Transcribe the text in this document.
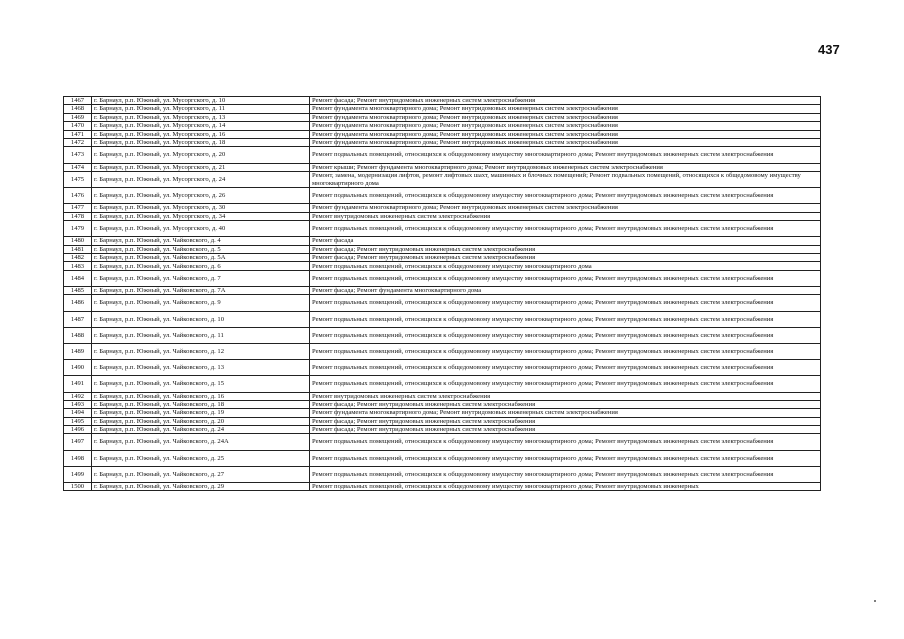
437
1467	г. Барнаул, р.п. Южный, ул. Мусоргского, д. 10	Ремонт фасада; Ремонт внутридомовых инженерных систем электроснабжения
1468	г. Барнаул, р.п. Южный, ул. Мусоргского, д. 11	Ремонт фундамента многоквартирного дома; Ремонт внутридомовых инженерных систем электроснабжения
1469	г. Барнаул, р.п. Южный, ул. Мусоргского, д. 13	Ремонт фундамента многоквартирного дома; Ремонт внутридомовых инженерных систем электроснабжения
1470	г. Барнаул, р.п. Южный, ул. Мусоргского, д. 14	Ремонт фундамента многоквартирного дома; Ремонт внутридомовых инженерных систем электроснабжения
1471	г. Барнаул, р.п. Южный, ул. Мусоргского, д. 16	Ремонт фундамента многоквартирного дома; Ремонт внутридомовых инженерных систем электроснабжения
1472	г. Барнаул, р.п. Южный, ул. Мусоргского, д. 18	Ремонт фундамента многоквартирного дома; Ремонт внутридомовых инженерных систем электроснабжения
1473	г. Барнаул, р.п. Южный, ул. Мусоргского, д. 20	Ремонт подвальных помещений, относящихся к общедомовому имуществу многоквартирного дома; Ремонт внутридомовых инженерных систем электроснабжения
1474	г. Барнаул, р.п. Южный, ул. Мусоргского, д. 21	Ремонт крыши; Ремонт фундамента многоквартирного дома; Ремонт внутридомовых инженерных систем электроснабжения
1475	г. Барнаул, р.п. Южный, ул. Мусоргского, д. 24	Ремонт, замена, модернизация лифтов, ремонт лифтовых шахт, машинных и блочных помещений; Ремонт подвальных помещений, относящихся к общедомовому имуществу многоквартирного дома
1476	г. Барнаул, р.п. Южный, ул. Мусоргского, д. 26	Ремонт подвальных помещений, относящихся к общедомовому имуществу многоквартирного дома; Ремонт внутридомовых инженерных систем электроснабжения
1477	г. Барнаул, р.п. Южный, ул. Мусоргского, д. 30	Ремонт фундамента многоквартирного дома; Ремонт внутридомовых инженерных систем электроснабжения
1478	г. Барнаул, р.п. Южный, ул. Мусоргского, д. 34	Ремонт внутридомовых инженерных систем электроснабжения
1479	г. Барнаул, р.п. Южный, ул. Мусоргского, д. 40	Ремонт подвальных помещений, относящихся к общедомовому имуществу многоквартирного дома; Ремонт внутридомовых инженерных систем электроснабжения
1480	г. Барнаул, р.п. Южный, ул. Чайковского, д. 4	Ремонт фасада
1481	г. Барнаул, р.п. Южный, ул. Чайковского, д. 5	Ремонт фасада; Ремонт внутридомовых инженерных систем электроснабжения
1482	г. Барнаул, р.п. Южный, ул. Чайковского, д. 5А	Ремонт фасада; Ремонт внутридомовых инженерных систем электроснабжения
1483	г. Барнаул, р.п. Южный, ул. Чайковского, д. 6	Ремонт подвальных помещений, относящихся к общедомовому имуществу многоквартирного дома
1484	г. Барнаул, р.п. Южный, ул. Чайковского, д. 7	Ремонт подвальных помещений, относящихся к общедомовому имуществу многоквартирного дома; Ремонт внутридомовых инженерных систем электроснабжения
1485	г. Барнаул, р.п. Южный, ул. Чайковского, д. 7А	Ремонт фасада; Ремонт фундамента многоквартирного дома
1486	г. Барнаул, р.п. Южный, ул. Чайковского, д. 9	Ремонт подвальных помещений, относящихся к общедомовому имуществу многоквартирного дома; Ремонт внутридомовых инженерных систем электроснабжения
1487	г. Барнаул, р.п. Южный, ул. Чайковского, д. 10	Ремонт подвальных помещений, относящихся к общедомовому имуществу многоквартирного дома; Ремонт внутридомовых инженерных систем электроснабжения
1488	г. Барнаул, р.п. Южный, ул. Чайковского, д. 11	Ремонт подвальных помещений, относящихся к общедомовому имуществу многоквартирного дома; Ремонт внутридомовых инженерных систем электроснабжения
1489	г. Барнаул, р.п. Южный, ул. Чайковского, д. 12	Ремонт подвальных помещений, относящихся к общедомовому имуществу многоквартирного дома; Ремонт внутридомовых инженерных систем электроснабжения
1490	г. Барнаул, р.п. Южный, ул. Чайковского, д. 13	Ремонт подвальных помещений, относящихся к общедомовому имуществу многоквартирного дома; Ремонт внутридомовых инженерных систем электроснабжения
1491	г. Барнаул, р.п. Южный, ул. Чайковского, д. 15	Ремонт подвальных помещений, относящихся к общедомовому имуществу многоквартирного дома; Ремонт внутридомовых инженерных систем электроснабжения
1492	г. Барнаул, р.п. Южный, ул. Чайковского, д. 16	Ремонт внутридомовых инженерных систем электроснабжения
1493	г. Барнаул, р.п. Южный, ул. Чайковского, д. 18	Ремонт фасада; Ремонт внутридомовых инженерных систем электроснабжения
1494	г. Барнаул, р.п. Южный, ул. Чайковского, д. 19	Ремонт фундамента многоквартирного дома; Ремонт внутридомовых инженерных систем электроснабжения
1495	г. Барнаул, р.п. Южный, ул. Чайковского, д. 20	Ремонт фасада; Ремонт внутридомовых инженерных систем электроснабжения
1496	г. Барнаул, р.п. Южный, ул. Чайковского, д. 24	Ремонт фасада; Ремонт внутридомовых инженерных систем электроснабжения
1497	г. Барнаул, р.п. Южный, ул. Чайковского, д. 24А	Ремонт подвальных помещений, относящихся к общедомовому имуществу многоквартирного дома; Ремонт внутридомовых инженерных систем электроснабжения
1498	г. Барнаул, р.п. Южный, ул. Чайковского, д. 25	Ремонт подвальных помещений, относящихся к общедомовому имуществу многоквартирного дома; Ремонт внутридомовых инженерных систем электроснабжения
1499	г. Барнаул, р.п. Южный, ул. Чайковского, д. 27	Ремонт подвальных помещений, относящихся к общедомовому имуществу многоквартирного дома; Ремонт внутридомовых инженерных систем электроснабжения
1500	г. Барнаул, р.п. Южный, ул. Чайковского, д. 29	Ремонт подвальных помещений, относящихся к общедомовому имуществу многоквартирного дома; Ремонт внутридомовых инженерных
